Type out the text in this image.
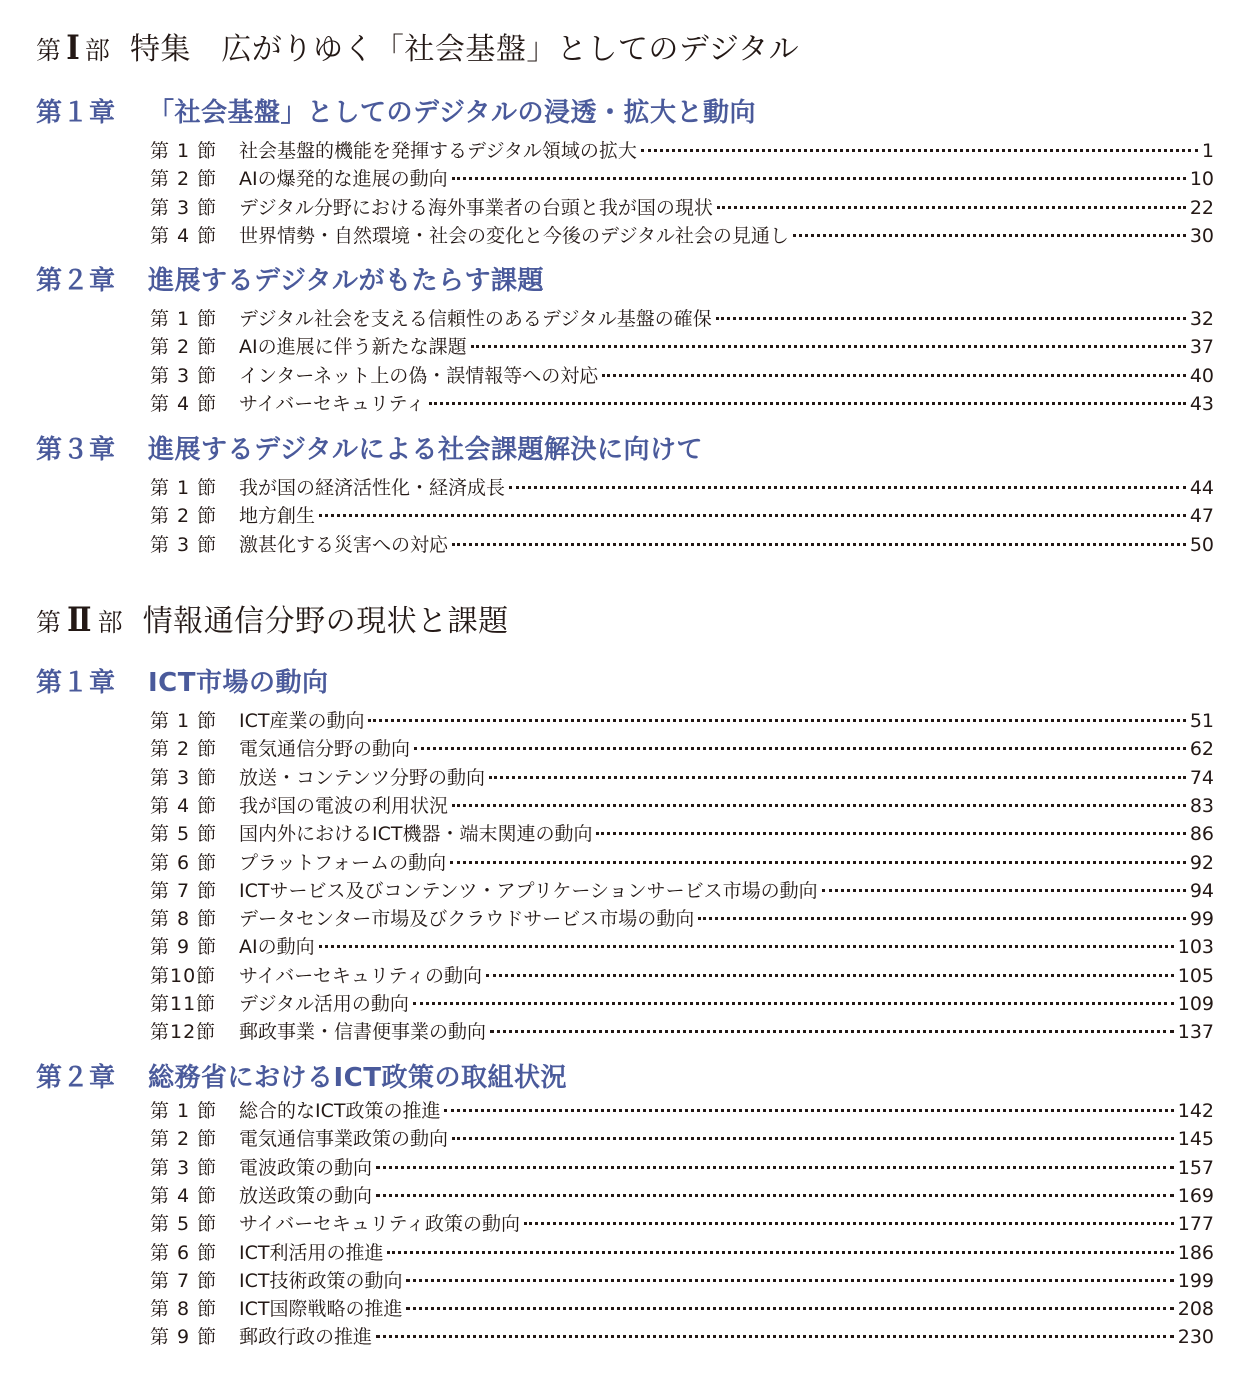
第 Ⅰ 部 特集　広がりゆく「社会基盤」としてのデジタル
第１章	「社会基盤」としてのデジタルの浸透・拡大と動向
第 1 節	社会基盤的機能を発揮するデジタル領域の拡大	1
第 2 節	AIの爆発的な進展の動向	10
第 3 節	デジタル分野における海外事業者の台頭と我が国の現状	22
第 4 節	世界情勢・自然環境・社会の変化と今後のデジタル社会の見通し	30
第２章	進展するデジタルがもたらす課題
第 1 節	デジタル社会を支える信頼性のあるデジタル基盤の確保	32
第 2 節	AIの進展に伴う新たな課題	37
第 3 節	インターネット上の偽・誤情報等への対応	40
第 4 節	サイバーセキュリティ	43
第３章	進展するデジタルによる社会課題解決に向けて
第 1 節	我が国の経済活性化・経済成長	44
第 2 節	地方創生	47
第 3 節	激甚化する災害への対応	50
第 Ⅱ 部 情報通信分野の現状と課題
第１章	ICT市場の動向
第 1 節	ICT産業の動向	51
第 2 節	電気通信分野の動向	62
第 3 節	放送・コンテンツ分野の動向	74
第 4 節	我が国の電波の利用状況	83
第 5 節	国内外におけるICT機器・端末関連の動向	86
第 6 節	プラットフォームの動向	92
第 7 節	ICTサービス及びコンテンツ・アプリケーションサービス市場の動向	94
第 8 節	データセンター市場及びクラウドサービス市場の動向	99
第 9 節	AIの動向	103
第10節	サイバーセキュリティの動向	105
第11節	デジタル活用の動向	109
第12節	郵政事業・信書便事業の動向	137
第２章	総務省におけるICT政策の取組状況
第 1 節	総合的なICT政策の推進	142
第 2 節	電気通信事業政策の動向	145
第 3 節	電波政策の動向	157
第 4 節	放送政策の動向	169
第 5 節	サイバーセキュリティ政策の動向	177
第 6 節	ICT利活用の推進	186
第 7 節	ICT技術政策の動向	199
第 8 節	ICT国際戦略の推進	208
第 9 節	郵政行政の推進	230
